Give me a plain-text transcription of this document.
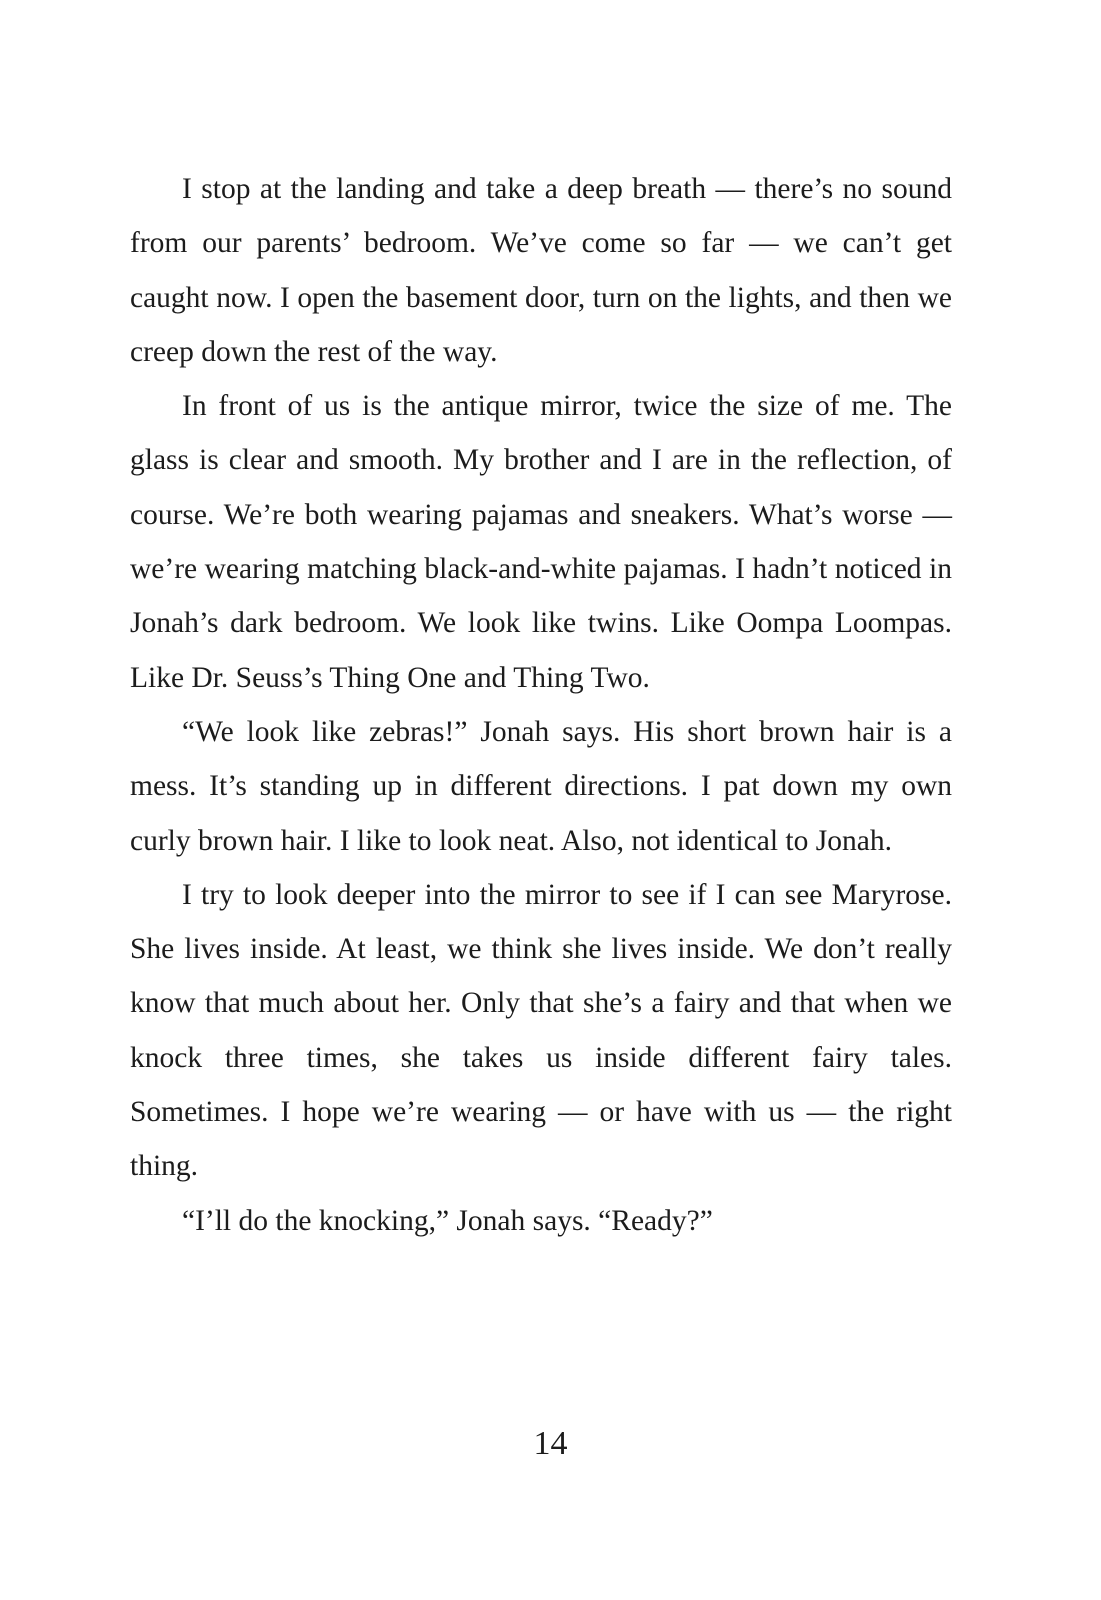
I stop at the landing and take a deep breath — there’s no sound from our parents’ bedroom. We’ve come so far — we can’t get caught now. I open the basement door, turn on the lights, and then we creep down the rest of the way.

In front of us is the antique mirror, twice the size of me. The glass is clear and smooth. My brother and I are in the reflection, of course. We’re both wearing pajamas and sneakers. What’s worse — we’re wearing matching black-and-white pajamas. I hadn’t noticed in Jonah’s dark bedroom. We look like twins. Like Oompa Loompas. Like Dr. Seuss’s Thing One and Thing Two.

“We look like zebras!” Jonah says. His short brown hair is a mess. It’s standing up in different directions. I pat down my own curly brown hair. I like to look neat. Also, not identical to Jonah.

I try to look deeper into the mirror to see if I can see Maryrose. She lives inside. At least, we think she lives inside. We don’t really know that much about her. Only that she’s a fairy and that when we knock three times, she takes us inside different fairy tales. Sometimes. I hope we’re wearing — or have with us — the right thing.

“I’ll do the knocking,” Jonah says. “Ready?”

14
